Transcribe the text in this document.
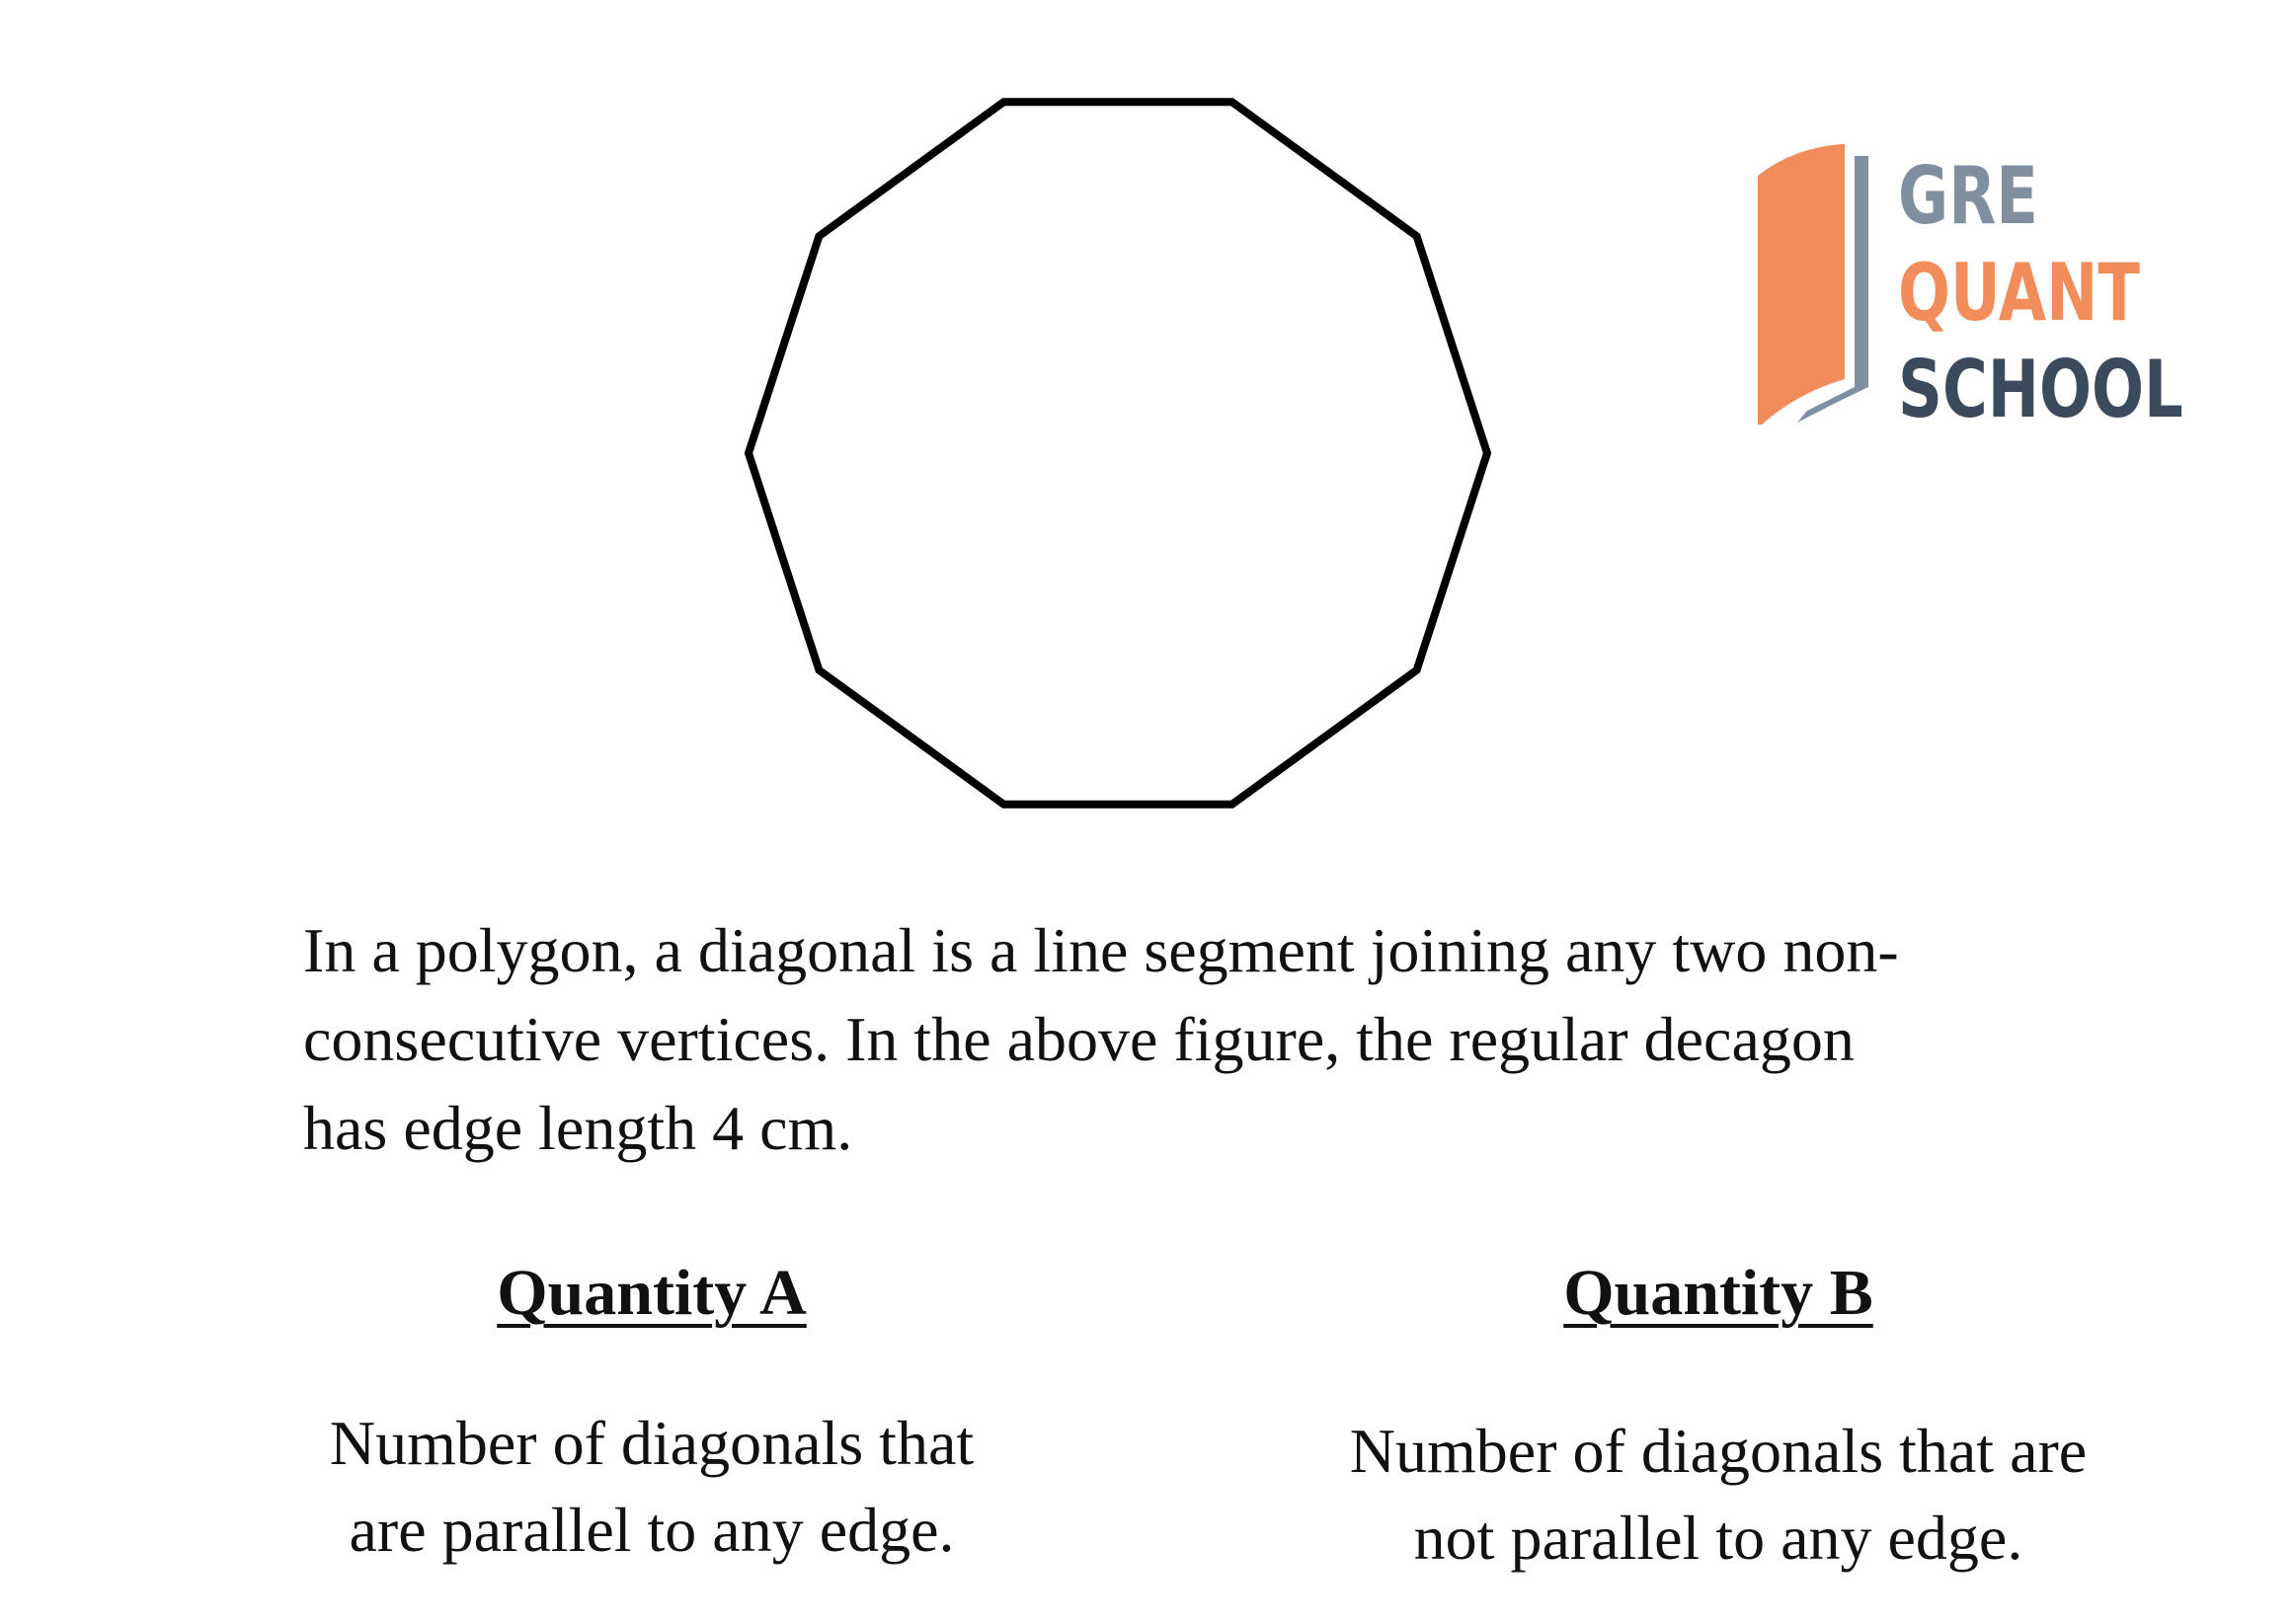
GRE
QUANT
SCHOOL
In a polygon, a diagonal is a line segment joining any two non-
consecutive vertices. In the above figure, the regular decagon
has edge length 4 cm.

Quantity A

Number of diagonals that
are parallel to any edge.

Quantity B

Number of diagonals that are
not parallel to any edge.
